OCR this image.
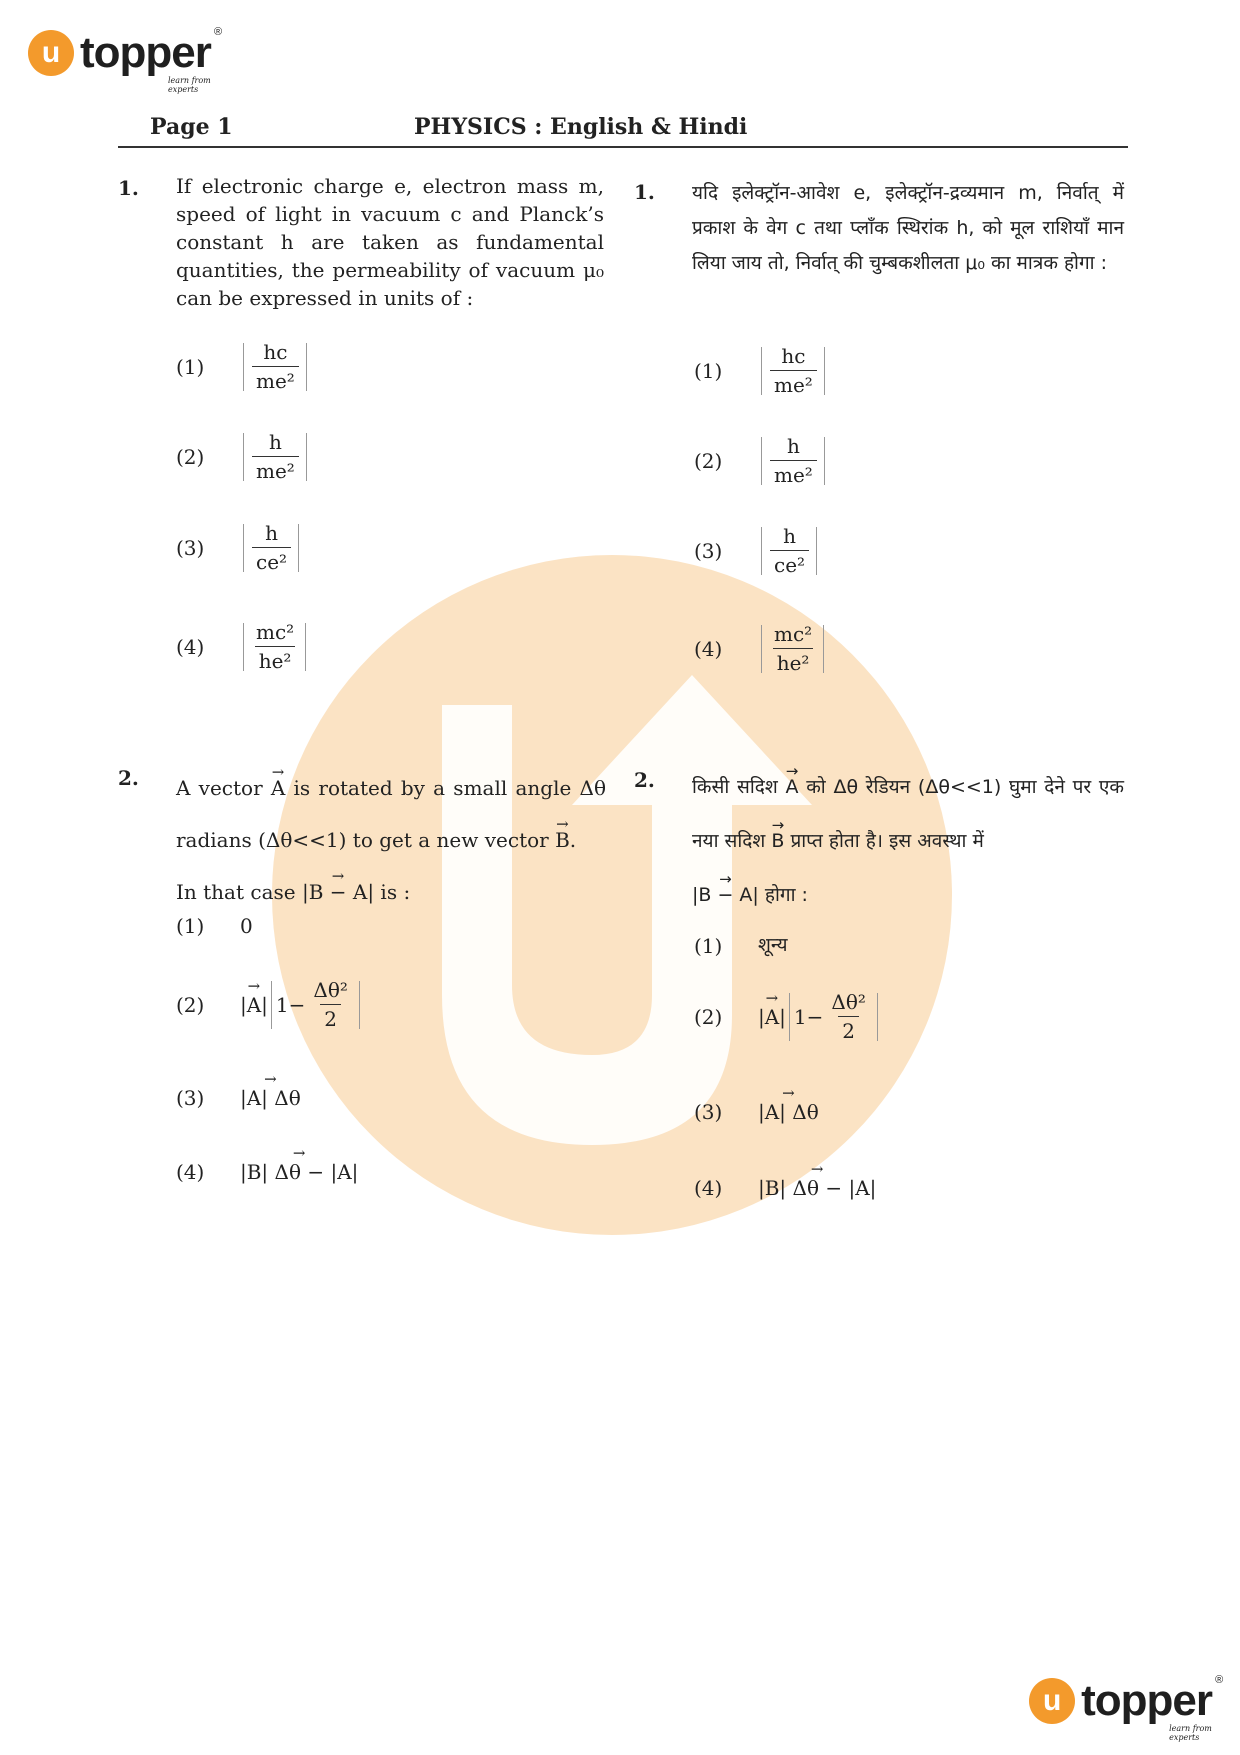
u topper ®
learn from experts
u topper ®
learn from experts
Page 1	PHYSICS : English & Hindi
1. If electronic charge e, electron mass m, speed of light in vacuum c and Planck’s constant h are taken as fundamental quantities, the permeability of vacuum μ₀ can be expressed in units of :
1. यदि इलेक्ट्रॉन-आवेश e, इलेक्ट्रॉन-द्रव्यमान m, निर्वात् में प्रकाश के वेग c तथा प्लाँक स्थिरांक h, को मूल राशियाँ मान लिया जाय तो, निर्वात् की चुम्बकशीलता μ₀ का मात्रक होगा :
(1)	$\frac{hc}{\text{me²}}$
(2)	$\frac{h}{\text{me²}}$
(3)	$\frac{h}{\text{ce²}}$
(4)	$\frac{\text{mc²}}{\text{he²}}$
(1)	$\frac{hc}{\text{me²}}$
(2)	$\frac{h}{\text{me²}}$
(3)	$\frac{h}{\text{ce²}}$
(4)	$\frac{\text{mc²}}{\text{he²}}$
2. A vector → A is rotated by a small angle Δθ radians (Δθ<<1) to get a new vector → B.
In that case → |B − A| is :
2. किसी सदिश → A को Δθ रेडियन (Δθ<<1) घुमा देने पर एक नया सदिश → B प्राप्त होता है। इस अवस्था में
→ |B − A| होगा :
(1)	0
(2)	→ |A| $1- \frac{\text{Δθ²}}{2}$
(3)	→ |A| Δθ
(4)	→ |B| Δθ − |A|
(1)	शून्य
(2)	→ |A| $1- \frac{\text{Δθ²}}{2}$
(3)	→ |A| Δθ
(4)	→ |B| Δθ − |A|
